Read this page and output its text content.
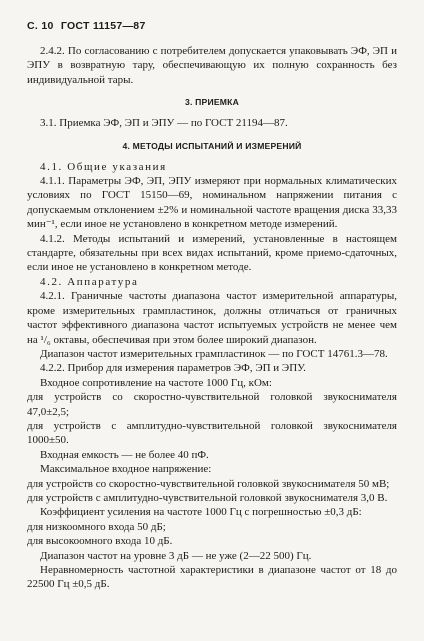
С. 10 ГОСТ 11157—87

2.4.2. По согласованию с потребителем допускается упаковывать ЭФ, ЭП и ЭПУ в возвратную тару, обеспечивающую их полную сохранность без индивидуальной тары.

3. ПРИЕМКА

3.1. Приемка ЭФ, ЭП и ЭПУ — по ГОСТ 21194—87.

4. МЕТОДЫ ИСПЫТАНИЙ И ИЗМЕРЕНИЙ

4.1. Общие указания

4.1.1. Параметры ЭФ, ЭП, ЭПУ измеряют при нормальных климатических условиях по ГОСТ 15150—69, номинальном напряжении питания с допускаемым отклонением ±2% и номинальной частоте вращения диска 33,33 мин⁻¹, если иное не установлено в конкретном методе измерений.

4.1.2. Методы испытаний и измерений, установленные в настоящем стандарте, обязательны при всех видах испытаний, кроме приемо-сдаточных, если иное не установлено в конкретном методе.

4.2. Аппаратура

4.2.1. Граничные частоты диапазона частот измерительной аппаратуры, кроме измерительных грампластинок, должны отличаться от граничных частот эффективного диапазона частот испытуемых устройств не менее чем на ¹/₆ октавы, обеспечивая при этом более широкий диапазон.

Диапазон частот измерительных грампластинок — по ГОСТ 14761.3—78.

4.2.2. Прибор для измерения параметров ЭФ, ЭП и ЭПУ.

Входное сопротивление на частоте 1000 Гц, кОм:

для устройств со скоростно-чувствительной головкой звукоснимателя 47,0±2,5;

для устройств с амплитудно-чувствительной головкой звукоснимателя 1000±50.

Входная емкость — не более 40 пФ.

Максимальное входное напряжение:

для устройств со скоростно-чувствительной головкой звукоснимателя 50 мВ;

для устройств с амплитудно-чувствительной головкой звукоснимателя 3,0 В.

Коэффициент усиления на частоте 1000 Гц с погрешностью ±0,3 дБ:

для низкоомного входа 50 дБ;

для высокоомного входа 10 дБ.

Диапазон частот на уровне 3 дБ — не уже (2—22 500) Гц.

Неравномерность частотной характеристики в диапазоне частот от 18 до 22500 Гц ±0,5 дБ.
